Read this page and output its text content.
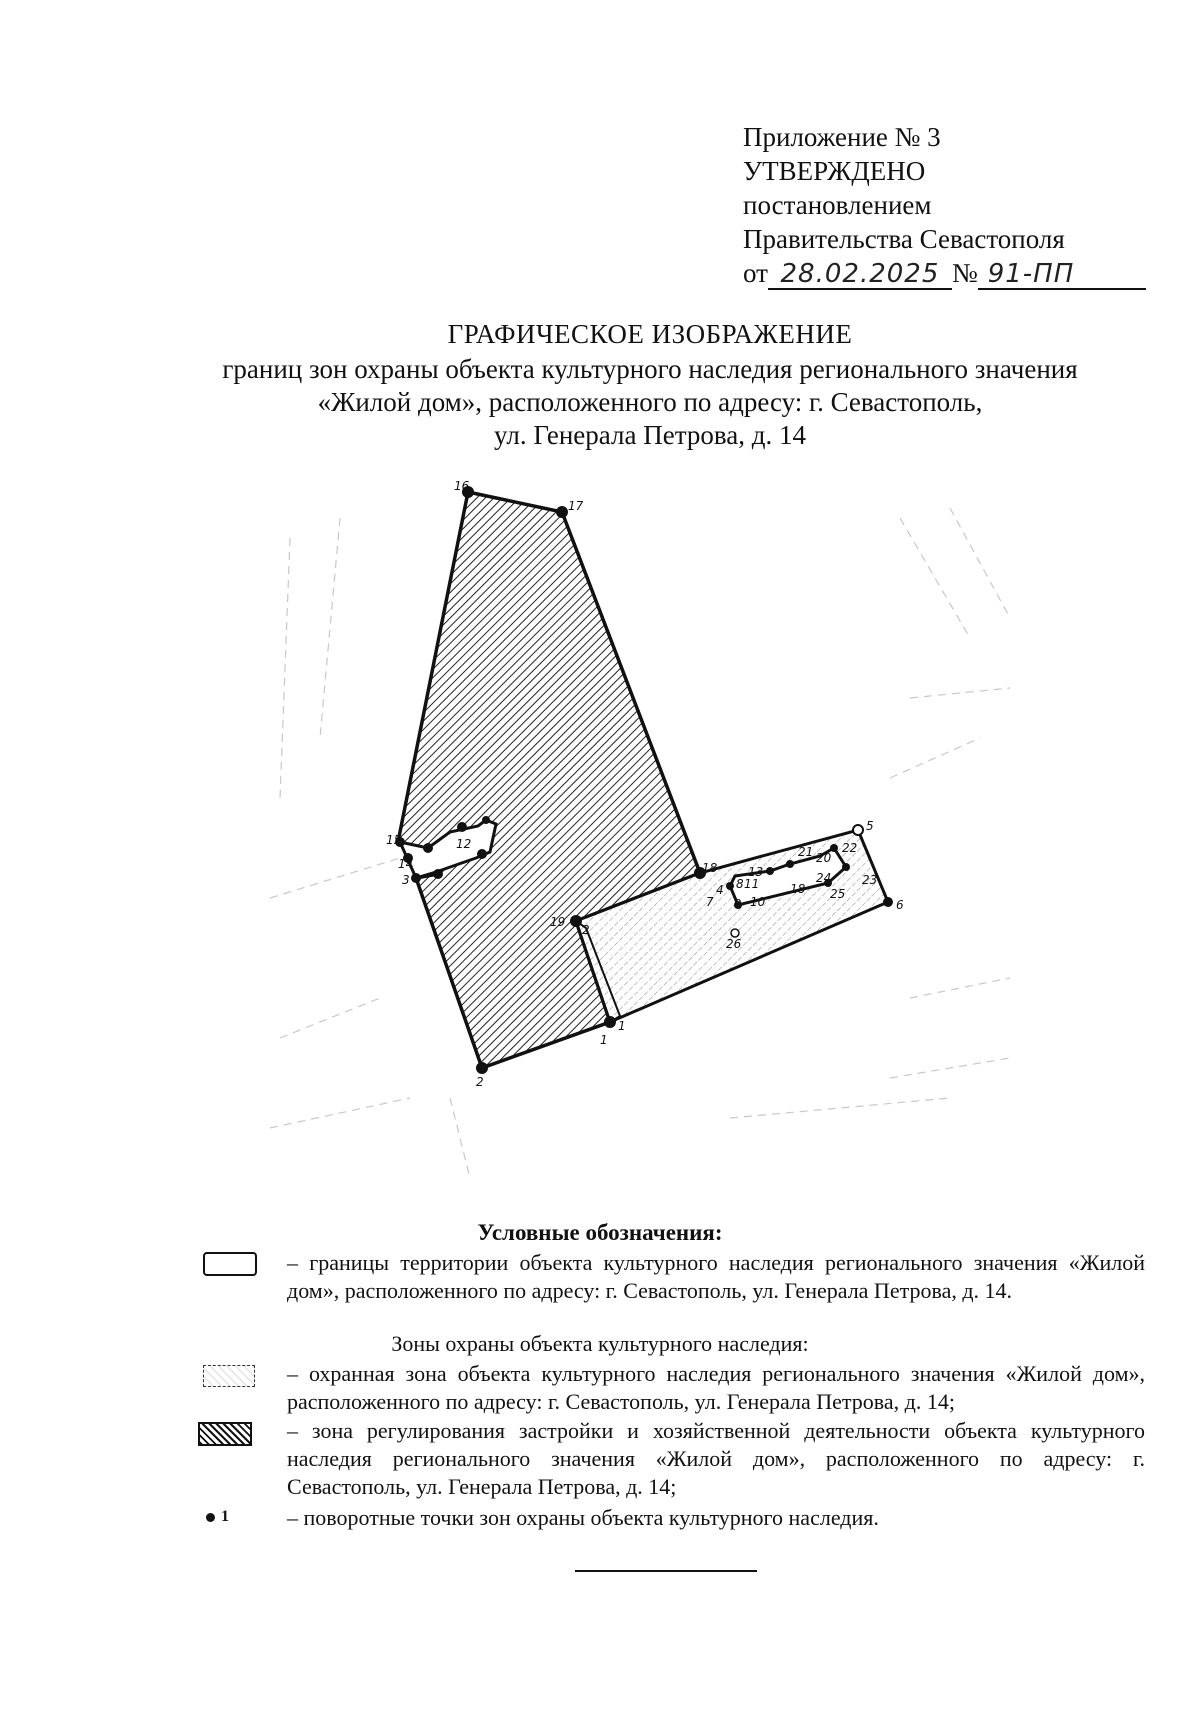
Приложение № 3
УТВЕРЖДЕНО
постановлением
Правительства Севастополя
от 28.02.2025 № 91-ПП
ГРАФИЧЕСКОЕ ИЗОБРАЖЕНИЕ
границ зон охраны объекта культурного наследия регионального значения
«Жилой дом», расположенного по адресу: г. Севастополь,
ул. Генерала Петрова, д. 14
1
1
2
2
3
4
5
6
7
8
9 10
11
12
13
14
15
16
17
18
18
19
20
21 22
23
24
25
26
Условные обозначения:
– границы территории объекта культурного наследия регионального значения «Жилой дом», расположенного по адресу: г. Севастополь, ул. Генерала Петрова, д. 14.
Зоны охраны объекта культурного наследия:
– охранная зона объекта культурного наследия регионального значения «Жилой дом», расположенного по адресу: г. Севастополь, ул. Генерала Петрова, д. 14;
– зона регулирования застройки и хозяйственной деятельности объекта культурного наследия регионального значения «Жилой дом», расположенного по адресу: г. Севастополь, ул. Генерала Петрова, д. 14;
1	– поворотные точки зон охраны объекта культурного наследия.
